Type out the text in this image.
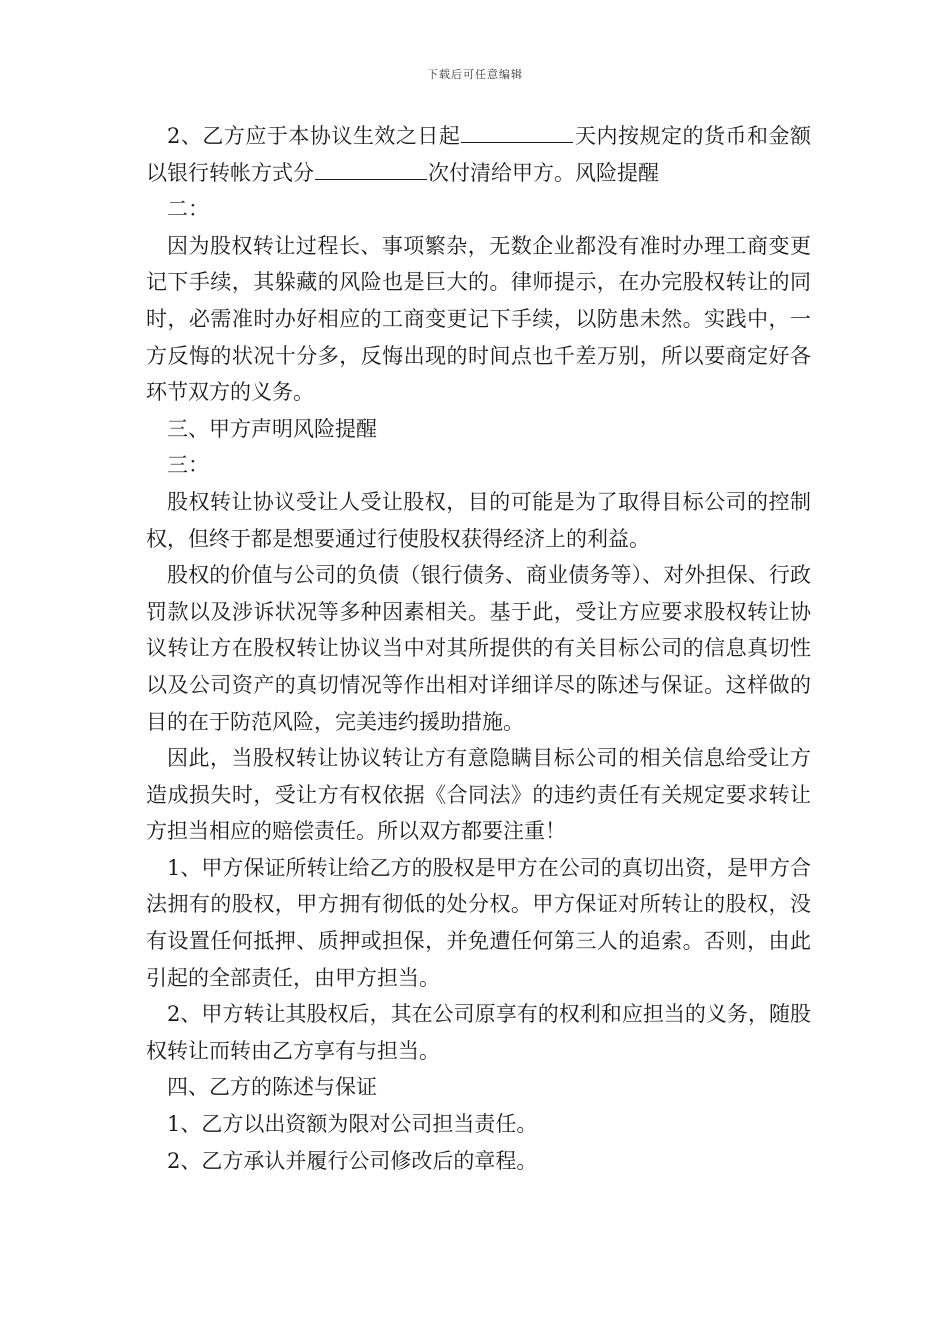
下载后可任意编辑

2、乙方应于本协议生效之日起	天内按规定的货币和金额以银行转帐方式分	次付清给甲方。风险提醒

二：

因为股权转让过程长、事项繁杂，无数企业都没有准时办理工商变更记下手续，其躲藏的风险也是巨大的。律师提示，在办完股权转让的同时，必需准时办好相应的工商变更记下手续，以防患未然。实践中，一方反悔的状况十分多，反悔出现的时间点也千差万别，所以要商定好各环节双方的义务。

三、甲方声明风险提醒

三：

股权转让协议受让人受让股权，目的可能是为了取得目标公司的控制权，但终于都是想要通过行使股权获得经济上的利益。

股权的价值与公司的负债（银行债务、商业债务等）、对外担保、行政罚款以及涉诉状况等多种因素相关。基于此，受让方应要求股权转让协议转让方在股权转让协议当中对其所提供的有关目标公司的信息真切性以及公司资产的真切情况等作出相对详细详尽的陈述与保证。这样做的目的在于防范风险，完美违约援助措施。

因此，当股权转让协议转让方有意隐瞒目标公司的相关信息给受让方造成损失时，受让方有权依据《合同法》的违约责任有关规定要求转让方担当相应的赔偿责任。所以双方都要注重！

1、甲方保证所转让给乙方的股权是甲方在公司的真切出资，是甲方合法拥有的股权，甲方拥有彻低的处分权。甲方保证对所转让的股权，没有设置任何抵押、质押或担保，并免遭任何第三人的追索。否则，由此引起的全部责任，由甲方担当。

2、甲方转让其股权后，其在公司原享有的权利和应担当的义务，随股权转让而转由乙方享有与担当。

四、乙方的陈述与保证

1、乙方以出资额为限对公司担当责任。

2、乙方承认并履行公司修改后的章程。
